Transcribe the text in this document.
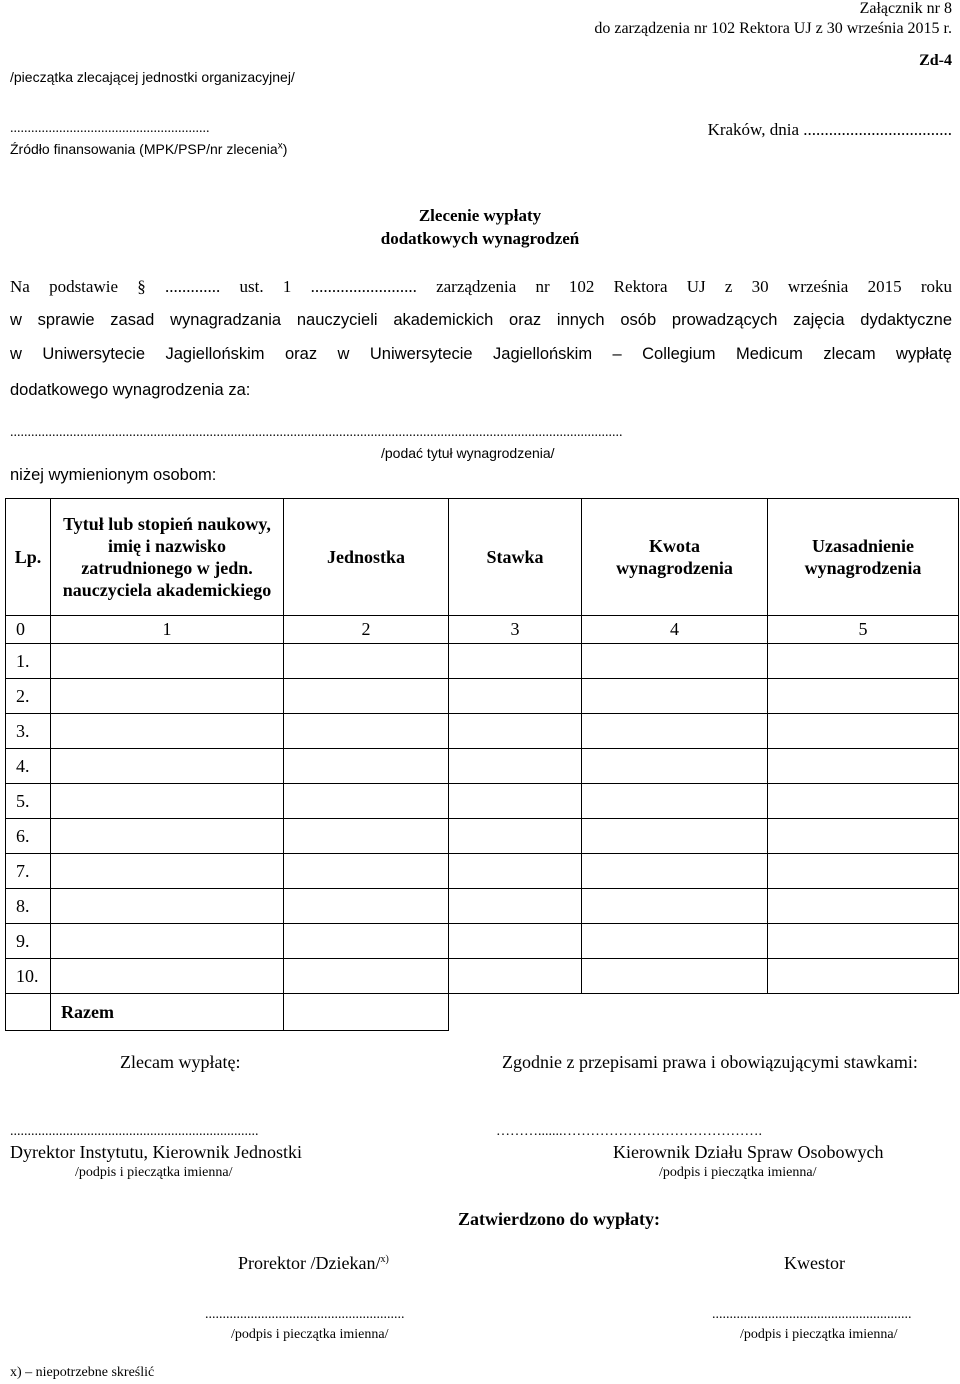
Załącznik nr 8
do zarządzenia nr 102 Rektora UJ z 30 września 2015 r.
/pieczątka zlecającej jednostki organizacyjnej/
Zd-4
.........................................................
Źródło finansowania (MPK/PSP/nr zlecenia$^x$)
Kraków, dnia ...................................
Zlecenie wypłaty
dodatkowych wynagrodzeń
Na podstawie § ............. ust. 1 ......................... zarządzenia nr 102 Rektora UJ z 30 września 2015 roku
w sprawie zasad wynagradzania nauczycieli akademickich oraz innych osób prowadzących zajęcia dydaktyczne
w Uniwersytecie Jagiellońskim oraz w Uniwersytecie Jagiellońskim – Collegium Medicum zlecam wypłatę
dodatkowego wynagrodzenia za:
...............................................................................................................................................................................
/podać tytuł wynagrodzenia/
niżej wymienionym osobom:
Lp.	Tytuł lub stopień naukowy, imię i nazwisko zatrudnionego w jedn. nauczyciela akademickiego	Jednostka	Stawka	Kwota wynagrodzenia	Uzasadnienie wynagrodzenia
0	1	2	3	4	5
1.					
2.					
3.					
4.					
5.					
6.					
7.					
8.					
9.					
10.					
	Razem				
Zlecam wypłatę:	Zgodnie z przepisami prawa i obowiązującymi stawkami:
.......................................................................	……….......…………………………………….
Dyrektor Instytutu, Kierownik Jednostki	Kierownik Działu Spraw Osobowych
/podpis i pieczątka imienna/	/podpis i pieczątka imienna/
Zatwierdzono do wypłaty:
Prorektor /Dziekan/$^{x)}$	Kwestor
.........................................................	.........................................................
/podpis i pieczątka imienna/	/podpis i pieczątka imienna/
x) – niepotrzebne skreślić
